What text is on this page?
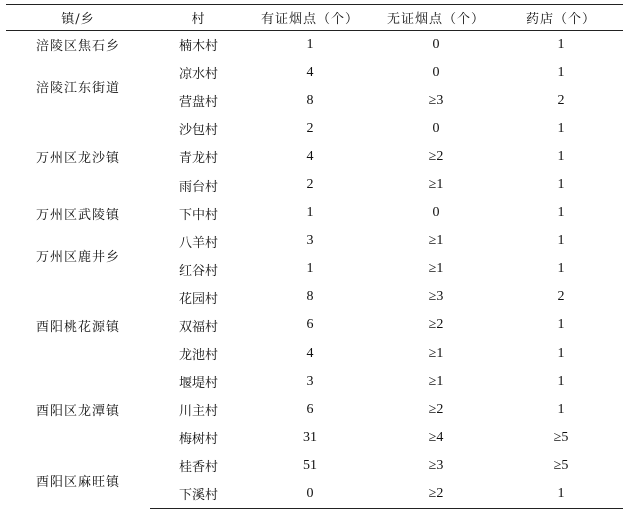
镇/乡	村	有证烟点（个）	无证烟点（个）	药店（个）
涪陵区焦石乡	楠木村	1	0	1
涪陵江东街道	凉水村	4	0	1
	营盘村	8	≥3	2
万州区龙沙镇	沙包村	2	0	1
	青龙村	4	≥2	1
	雨台村	2	≥1	1
万州区武陵镇	下中村	1	0	1
万州区鹿井乡	八羊村	3	≥1	1
	红谷村	1	≥1	1
酉阳桃花源镇	花园村	8	≥3	2
	双福村	6	≥2	1
	龙池村	4	≥1	1
酉阳区龙潭镇	堰堤村	3	≥1	1
	川主村	6	≥2	1
	梅树村	31	≥4	≥5
酉阳区麻旺镇	桂香村	51	≥3	≥5
	下溪村	0	≥2	1
